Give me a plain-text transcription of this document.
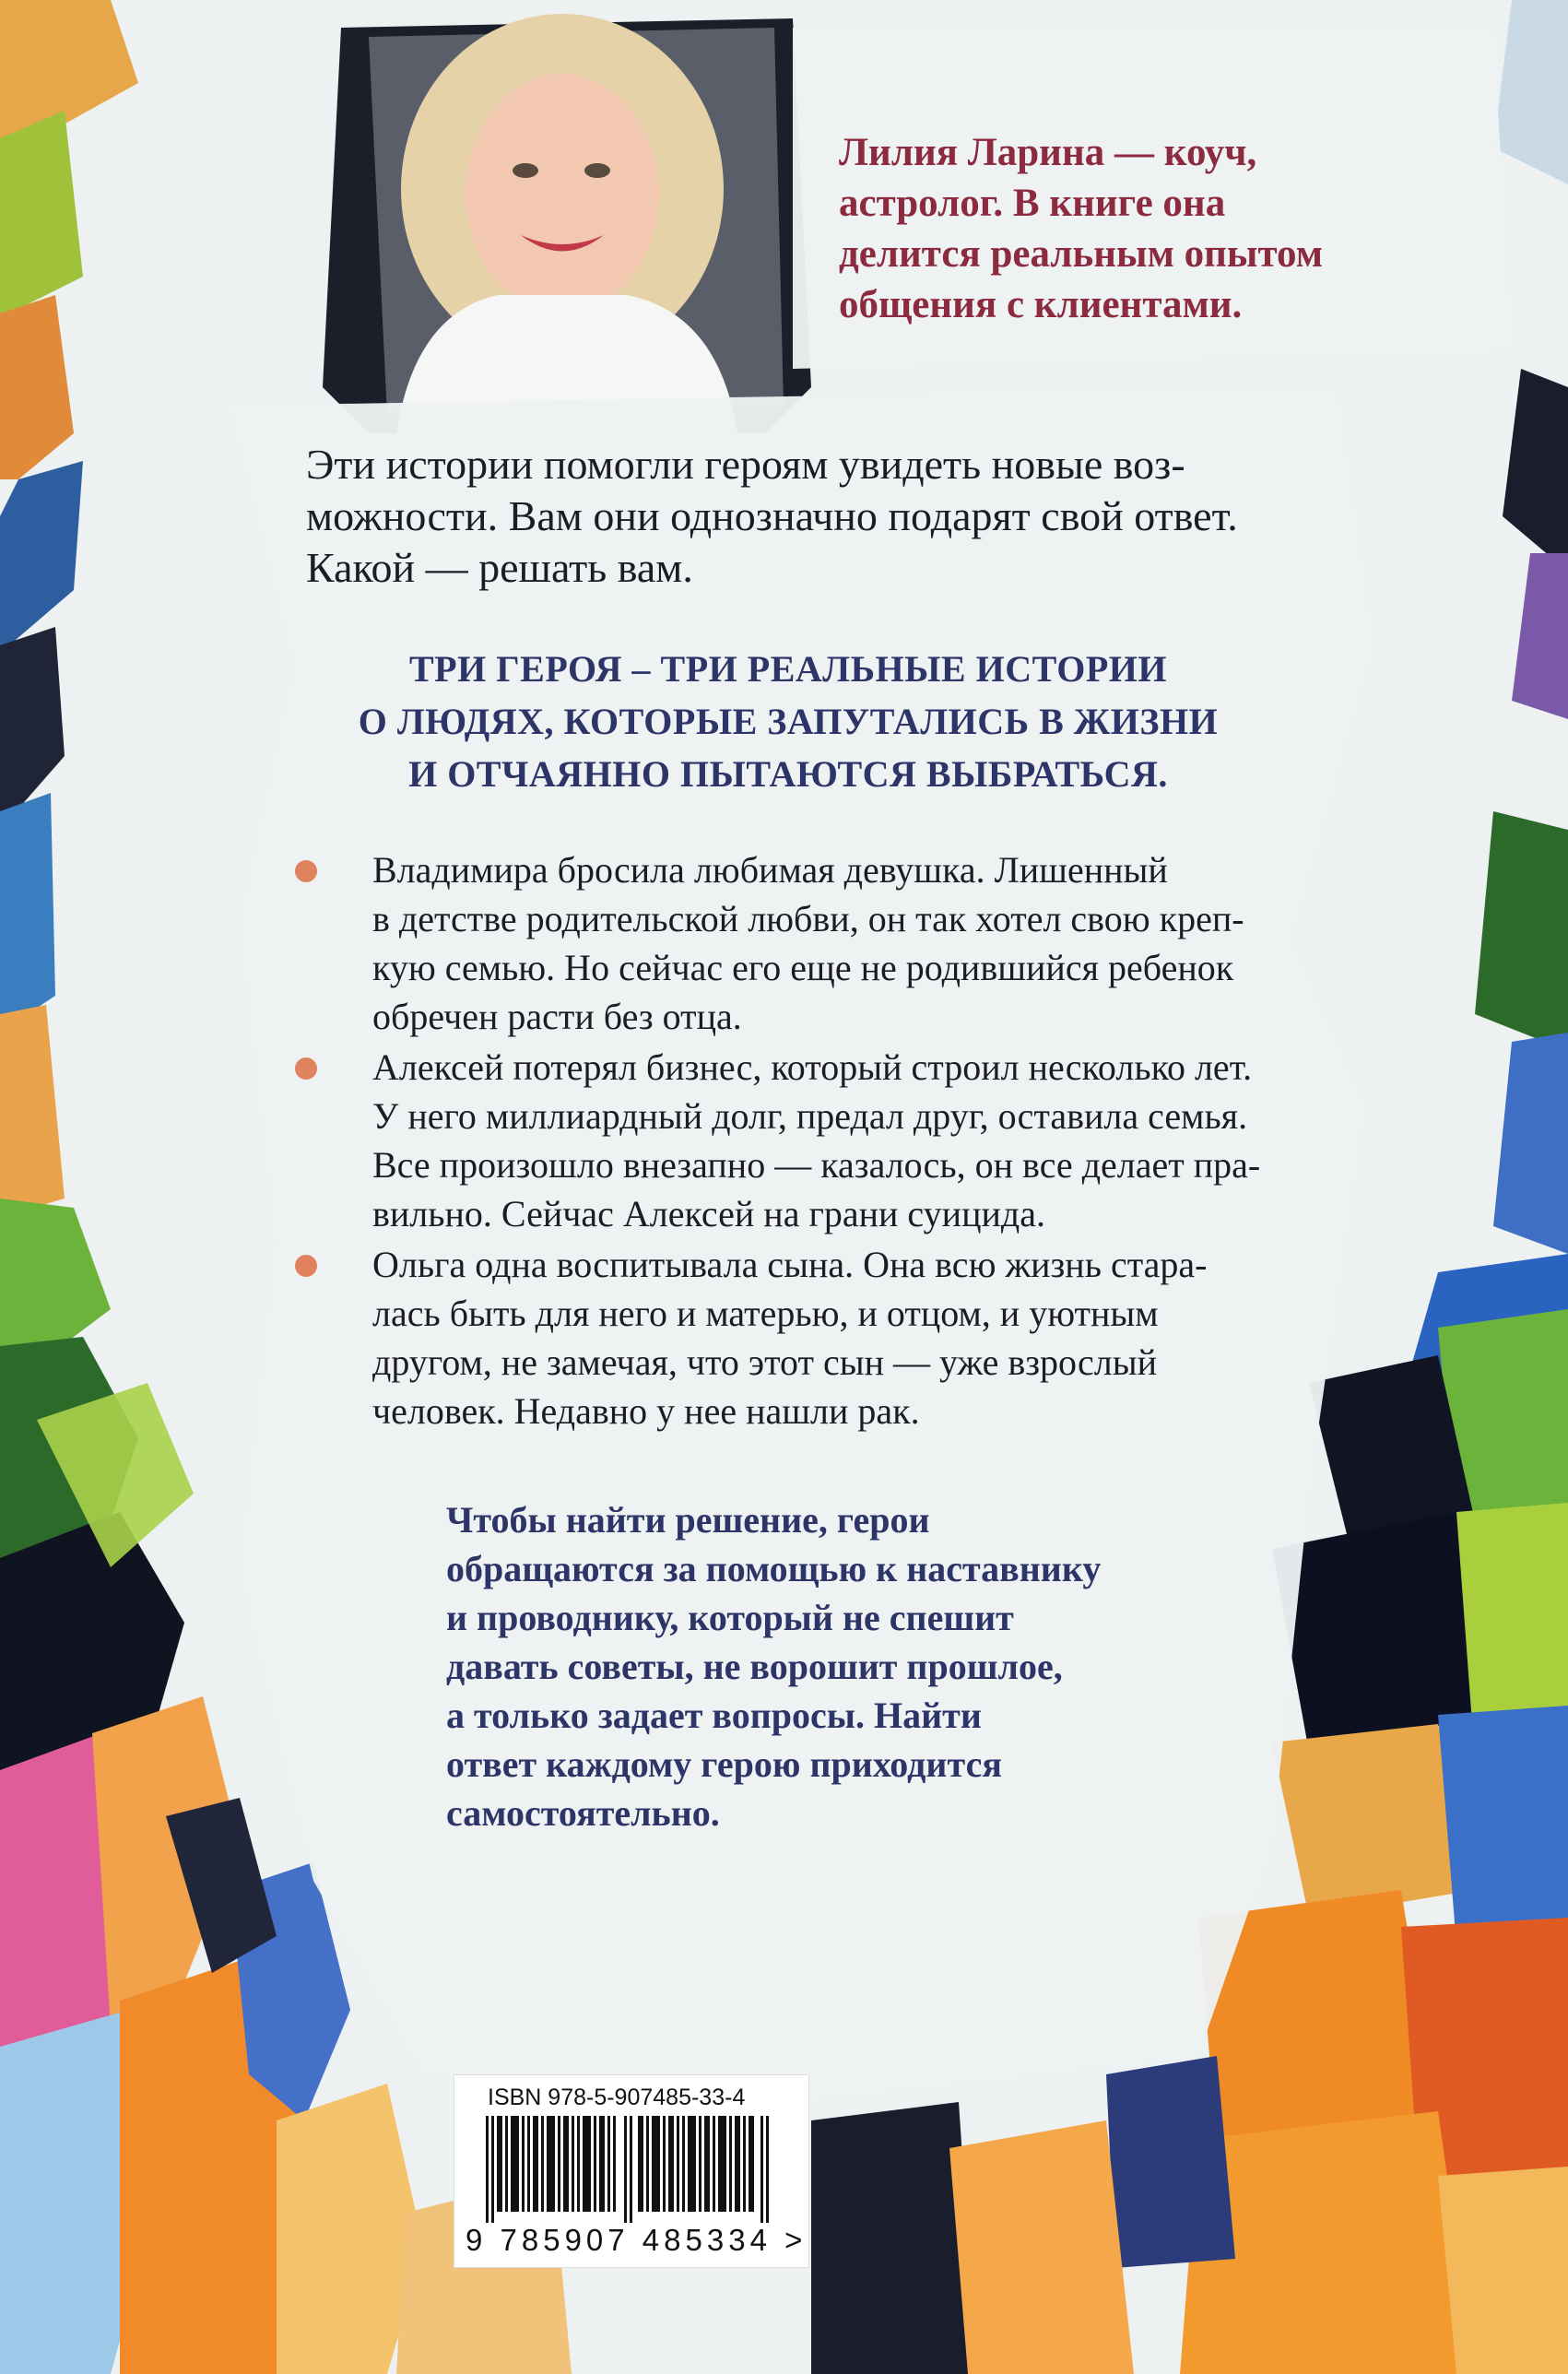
Лилия Ларина — коуч,
астролог. В книге она
делится реальным опытом
общения с клиентами.
Эти истории помогли героям увидеть новые воз-
можности. Вам они однозначно подарят свой ответ.
Какой — решать вам.
ТРИ ГЕРОЯ – ТРИ РЕАЛЬНЫЕ ИСТОРИИ
О ЛЮДЯХ, КОТОРЫЕ ЗАПУТАЛИСЬ В ЖИЗНИ
И ОТЧАЯННО ПЫТАЮТСЯ ВЫБРАТЬСЯ.
Владимира бросила любимая девушка. Лишенный
в детстве родительской любви, он так хотел свою креп-
кую семью. Но сейчас его еще не родившийся ребенок
обречен расти без отца.
Алексей потерял бизнес, который строил несколько лет.
У него миллиардный долг, предал друг, оставила семья.
Все произошло внезапно — казалось, он все делает пра-
вильно. Сейчас Алексей на грани суицида.
Ольга одна воспитывала сына. Она всю жизнь стара-
лась быть для него и матерью, и отцом, и уютным
другом, не замечая, что этот сын — уже взрослый
человек. Недавно у нее нашли рак.
Чтобы найти решение, герои
обращаются за помощью к наставнику
и проводнику, который не спешит
давать советы, не ворошит прошлое,
а только задает вопросы. Найти
ответ каждому герою приходится
самостоятельно.
ISBN 978-5-907485-33-4
9 785907 485334 >
